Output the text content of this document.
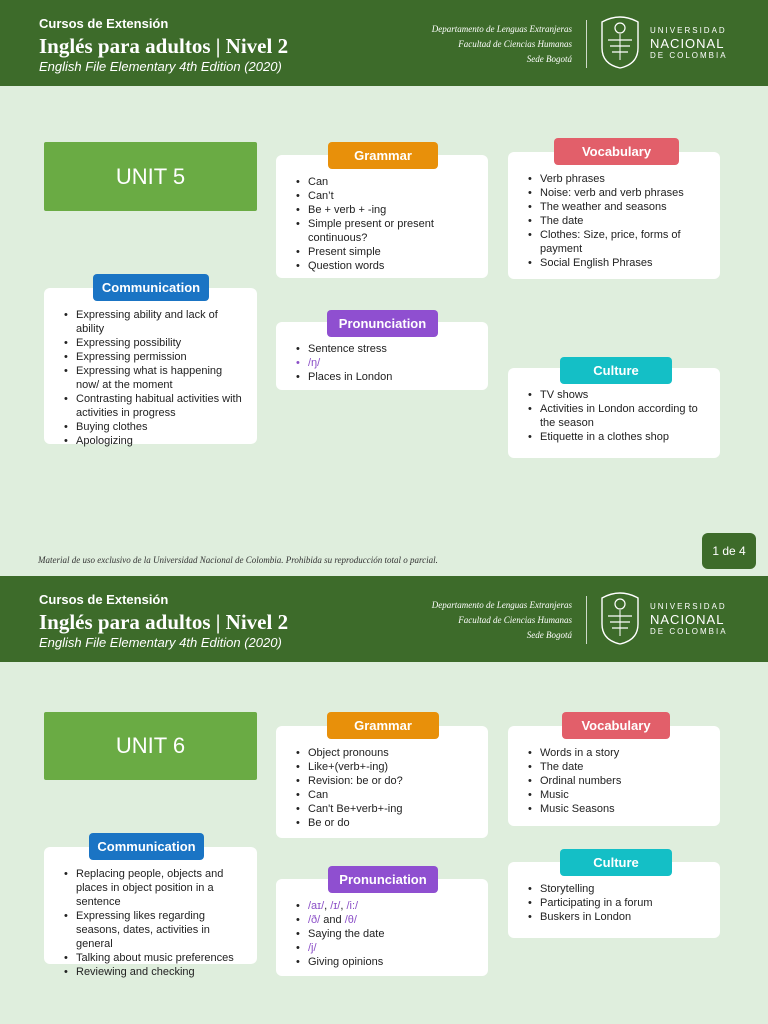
Cursos de Extensión
Inglés para adultos | Nivel 2
English File Elementary 4th Edition (2020)
Departamento de Lenguas Extranjeras
Facultad de Ciencias Humanas
Sede Bogotá
UNIVERSIDAD
NACIONAL
DE COLOMBIA
UNIT 5	• Can
• Can’t
• Be + verb + -ing
• Simple present or present continuous?
• Present simple
• Question words
Grammar
• Verb phrases
• Noise: verb and verb phrases
• The weather and seasons
• The date
• Clothes: Size, price, forms of payment
• Social English Phrases
Vocabulary
• Expressing ability and lack of ability
• Expressing possibility
• Expressing permission
• Expressing what is happening now/ at the moment
• Contrasting habitual activities with activities in progress
• Buying clothes
• Apologizing
Communication
• Sentence stress
• /ŋ/
• Places in London
Pronunciation
• TV shows
• Activities in London according to the season
• Etiquette in a clothes shop
Culture
Material de uso exclusivo de la Universidad Nacional de Colombia. Prohibida su reproducción total o parcial.
1 de 4
Cursos de Extensión
Inglés para adultos | Nivel 2
English File Elementary 4th Edition (2020)
Departamento de Lenguas Extranjeras
Facultad de Ciencias Humanas
Sede Bogotá
UNIVERSIDAD
NACIONAL
DE COLOMBIA
UNIT 6	• Object pronouns
• Like+(verb+-ing)
• Revision: be or do?
• Can
• Can't Be+verb+-ing
• Be or do
Grammar
• Words in a story
• The date
• Ordinal numbers
• Music
• Music Seasons
Vocabulary
• Replacing people, objects and places in object position in a sentence
• Expressing likes regarding seasons, dates, activities in general
• Talking about music preferences
• Reviewing and checking
Communication
• /aɪ/, /ɪ/, /i:/
• /ð/ and /θ/
• Saying the date
• /j/
• Giving opinions
Pronunciation
• Storytelling
• Participating in a forum
• Buskers in London
Culture
